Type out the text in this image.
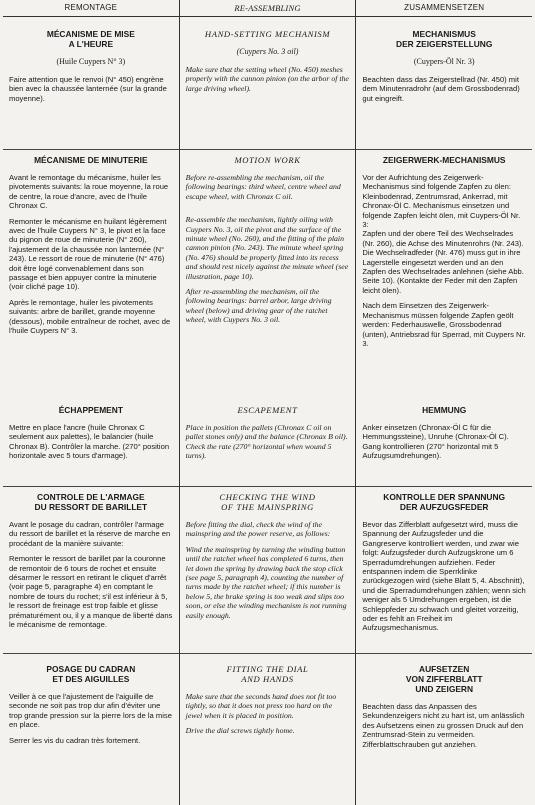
REMONTAGE	RE-ASSEMBLING	ZUSAMMENSETZEN
MÉCANISME DE MISE
A L'HEURE
(Huile Cuypers N° 3)

Faire attention que le renvoi (N° 450) engrène bien avec la chaussée lanternée (sur la grande moyenne).

MÉCANISME DE MINUTERIE

Avant le remontage du mécanisme, huiler les pivotements suivants: la roue moyenne, la roue de centre, la roue d'ancre, avec de l'huile Chronax C.

Remonter le mécanisme en huilant légèrement avec de l'huile Cuypers N° 3, le pivot et la face du pignon de roue de minuterie (N° 260), l'ajustement de la chaussée non lanternée (N° 243). Le ressort de roue de minuterie (N° 476) doit être logé convenablement dans son passage et bien appuyer contre la minuterie (voir cliché page 10).

Après le remontage, huiler les pivotements suivants: arbre de barillet, grande moyenne (dessous), mobile entraîneur de rochet, avec de l'huile Cuypers N° 3.

ÉCHAPPEMENT

Mettre en place l'ancre (huile Chronax C seulement aux palettes), le balancier (huile Chronax B). Contrôler la marche. (270° position horizontale avec 5 tours d'armage).

CONTROLE DE L'ARMAGE
DU RESSORT DE BARILLET

Avant le posage du cadran, contrôler l'armage du ressort de barillet et la réserve de marche en procédant de la manière suivante:

Remonter le ressort de barillet par la couronne de remontoir de 6 tours de rochet et ensuite désarmer le ressort en retirant le cliquet d'arrêt (voir page 5, paragraphe 4) en comptant le nombre de tours du rochet; s'il est inférieur à 5, le ressort de freinage est trop faible et glisse prématurément ou, il y a manque de liberté dans le mécanisme de remontage.

POSAGE DU CADRAN
ET DES AIGUILLES

Veiller à ce que l'ajustement de l'aiguille de seconde ne soit pas trop dur afin d'éviter une trop grande pression sur la pierre lors de la mise en place.

Serrer les vis du cadran très fortement.

HAND-SETTING MECHANISM
(Cuypers No. 3 oil)

Make sure that the setting wheel (No. 450) meshes properly with the cannon pinion (on the arbor of the large driving wheel).

MOTION WORK

Before re-assembling the mechanism, oil the following bearings: third wheel, centre wheel and escape wheel, with Chronax C oil.

Re-assemble the mechanism, lightly oiling with Cuypers No. 3, oil the pivot and the surface of the minute wheel (No. 260), and the fitting of the plain cannon pinion (No. 243). The minute wheel spring (No. 476) should be properly fitted into its recess and should rest nicely against the minute wheel (see illustration, page 10).

After re-assembling the mechanism, oil the following bearings: barrel arbor, large driving wheel (below) and driving gear of the ratchet wheel, with Cuypers No. 3 oil.

ESCAPEMENT

Place in position the pallets (Chronax C oil on pallet stones only) and the balance (Chronax B oil). Check the rate (270° horizontal when wound 5 turns).

CHECKING THE WIND
OF THE MAINSPRING

Before fitting the dial, check the wind of the mainspring and the power reserve, as follows:

Wind the mainspring by turning the winding button until the ratchet wheel has completed 6 turns, then let down the spring by drawing back the stop click (see page 5, paragraph 4), counting the number of turns made by the ratchet wheel; if this number is below 5, the brake spring is too weak and slips too soon, or else the winding mechanism is not running easily enough.

FITTING THE DIAL
AND HANDS

Make sure that the seconds hand does not fit too tightly, so that it does not press too hard on the jewel when it is placed in position.

Drive the dial screws tightly home.

MECHANISMUS
DER ZEIGERSTELLUNG
(Cuypers-Öl Nr. 3)

Beachten dass das Zeigerstellrad (Nr. 450) mit dem Minutenradrohr (auf dem Grossbodenrad) gut eingreift.

ZEIGERWERK-MECHANISMUS

Vor der Aufrichtung des Zeigerwerk-Mechanismus sind folgende Zapfen zu ölen: Kleinbodenrad, Zentrumsrad, Ankerrad, mit Chronax-Öl C. Mechanismus einsetzen und folgende Zapfen leicht ölen, mit Cuypers-Öl Nr. 3:

Zapfen und der obere Teil des Wechselrades (Nr. 260), die Achse des Minutenrohrs (Nr. 243). Die Wechselradfeder (Nr. 476) muss gut in ihre Lagerstelle eingesetzt werden und an den Zapfen des Wechselrades anlehnen (siehe Abb. Seite 10). (Kontakte der Feder mit den Zapfen leicht ölen).

Nach dem Einsetzen des Zeigerwerk-Mechanismus müssen folgende Zapfen geölt werden: Federhauswelle, Grossbodenrad (unten), Antriebsrad für Sperrad, mit Cuypers Nr. 3.

HEMMUNG

Anker einsetzen (Chronax-Öl C für die Hemmungssteine), Unruhe (Chronax-Öl C). Gang kontrollieren (270° horizontal mit 5 Aufzugsumdrehungen).

KONTROLLE DER SPANNUNG
DER AUFZUGSFEDER

Bevor das Zifferblatt aufgesetzt wird, muss die Spannung der Aufzugsfeder und die Gangreserve kontrolliert werden, und zwar wie folgt: Aufzugsfeder durch Aufzugskrone um 6 Sperradumdrehungen aufziehen. Feder entspannen indem die Sperrklinke zurückgezogen wird (siehe Blatt 5, 4. Abschnitt), und die Sperradumdrehungen zählen; wenn sich weniger als 5 Umdrehungen ergeben, ist die Schleppfeder zu schwach und gleitet vorzeitig, oder es fehlt an Freiheit im Aufzugsmechanismus.

AUFSETZEN
VON ZIFFERBLATT
UND ZEIGERN

Beachten dass das Anpassen des Sekundenzeigers nicht zu hart ist, um anlässlich des Aufsetzens einen zu grossen Druck auf den Zentrumsrad-Stein zu vermeiden. Zifferblattschrauben gut anziehen.
